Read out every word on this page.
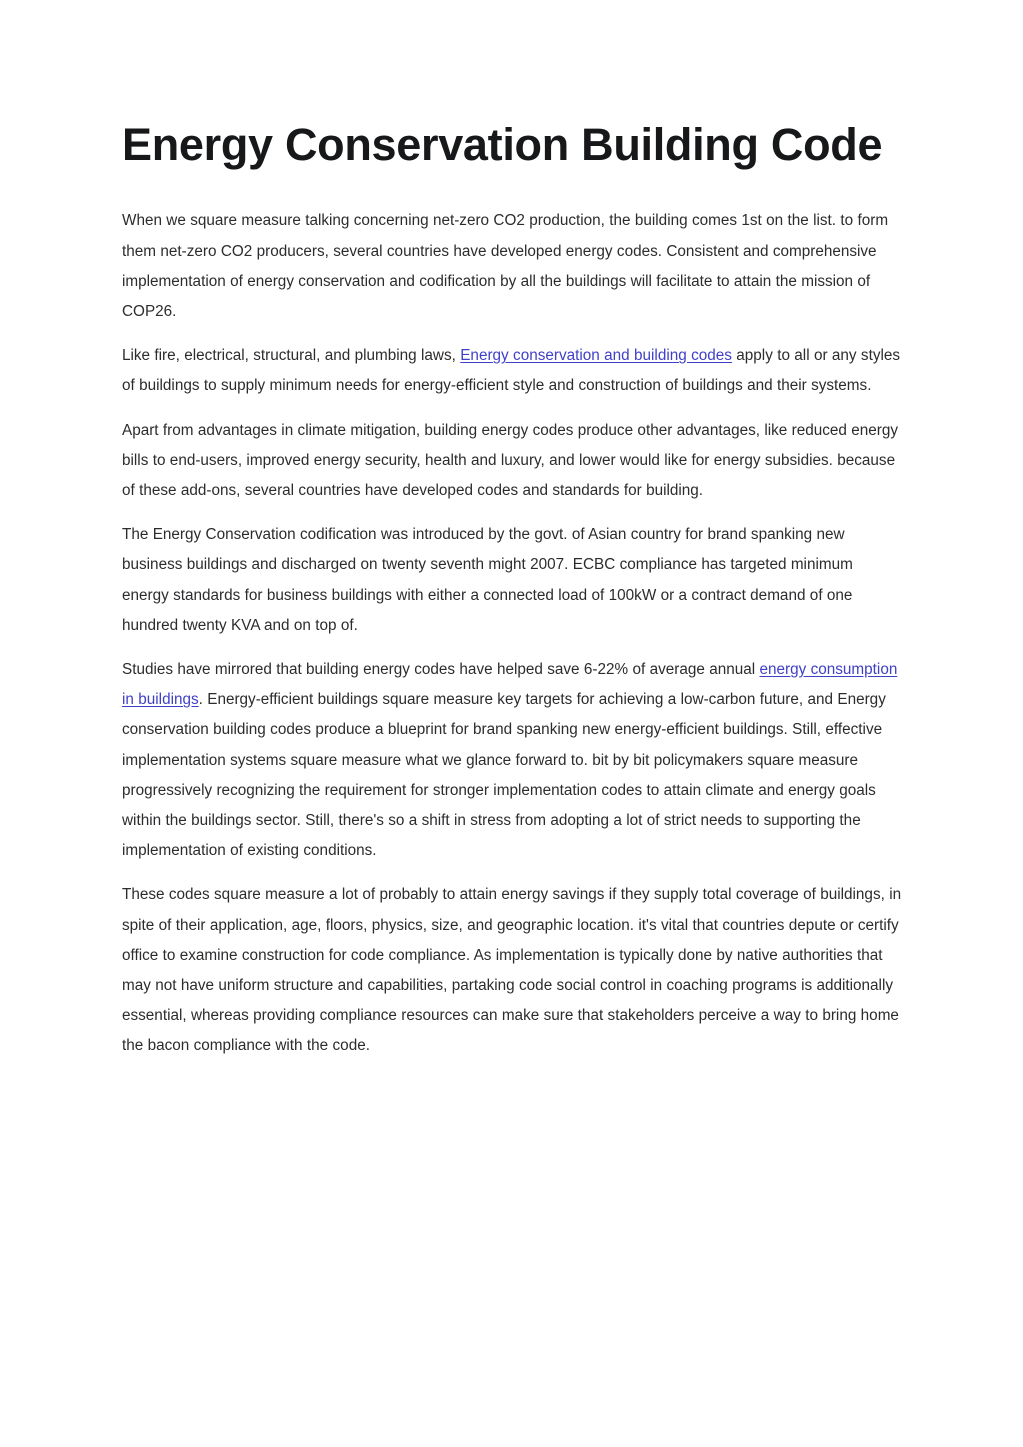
Energy Conservation Building Code

When we square measure talking concerning net-zero CO2 production, the building comes 1st on the list. to form them net-zero CO2 producers, several countries have developed energy codes. Consistent and comprehensive implementation of energy conservation and codification by all the buildings will facilitate to attain the mission of COP26.

Like fire, electrical, structural, and plumbing laws, Energy conservation and building codes apply to all or any styles of buildings to supply minimum needs for energy-efficient style and construction of buildings and their systems.

Apart from advantages in climate mitigation, building energy codes produce other advantages, like reduced energy bills to end-users, improved energy security, health and luxury, and lower would like for energy subsidies. because of these add-ons, several countries have developed codes and standards for building.

The Energy Conservation codification was introduced by the govt. of Asian country for brand spanking new business buildings and discharged on twenty seventh might 2007. ECBC compliance has targeted minimum energy standards for business buildings with either a connected load of 100kW or a contract demand of one hundred twenty KVA and on top of.

Studies have mirrored that building energy codes have helped save 6-22% of average annual energy consumption in buildings. Energy-efficient buildings square measure key targets for achieving a low-carbon future, and Energy conservation building codes produce a blueprint for brand spanking new energy-efficient buildings. Still, effective implementation systems square measure what we glance forward to. bit by bit policymakers square measure progressively recognizing the requirement for stronger implementation codes to attain climate and energy goals within the buildings sector. Still, there's so a shift in stress from adopting a lot of strict needs to supporting the implementation of existing conditions.

These codes square measure a lot of probably to attain energy savings if they supply total coverage of buildings, in spite of their application, age, floors, physics, size, and geographic location. it's vital that countries depute or certify office to examine construction for code compliance. As implementation is typically done by native authorities that may not have uniform structure and capabilities, partaking code social control in coaching programs is additionally essential, whereas providing compliance resources can make sure that stakeholders perceive a way to bring home the bacon compliance with the code.
